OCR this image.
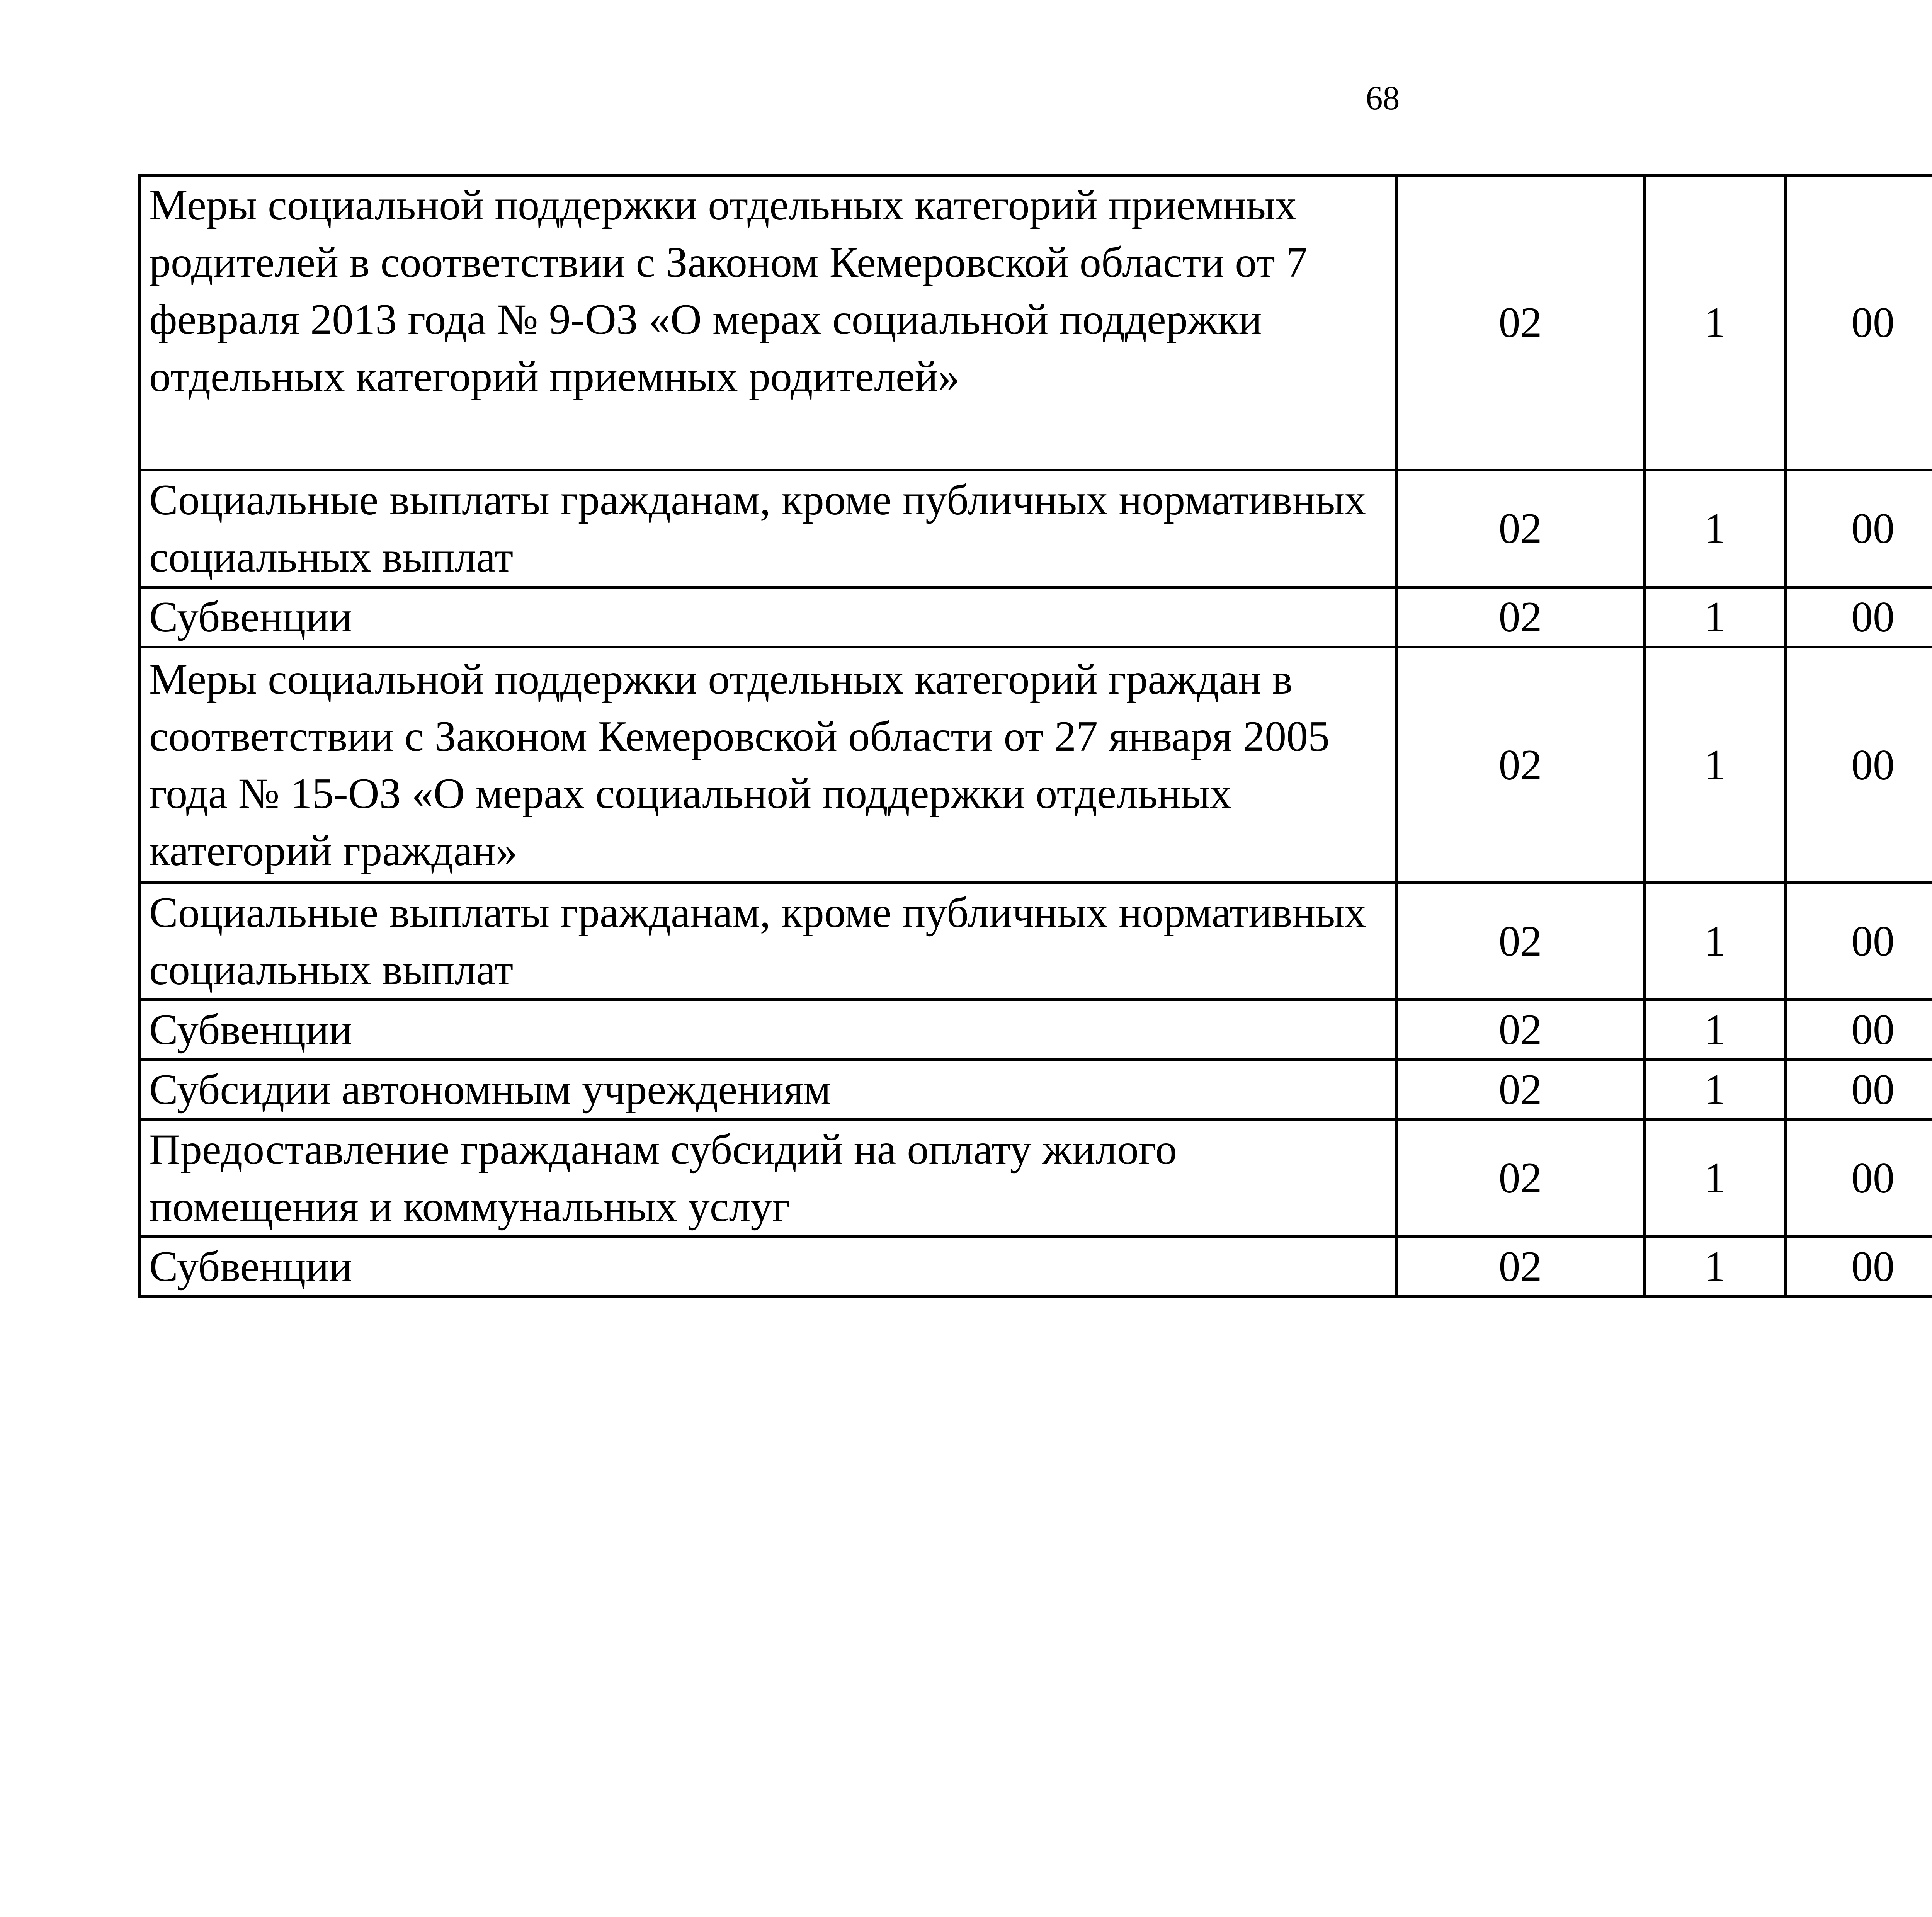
68
Меры социальной поддержки отдельных категорий приемных родителей в соответствии с Законом Кемеровской области от 7 февраля 2013 года № 9-ОЗ «О мерах социальной поддержки отдельных категорий приемных родителей»	02	1	00			
Социальные выплаты гражданам, кроме публичных нормативных социальных выплат	02	1	00			
Субвенции	02	1	00			
Меры социальной поддержки отдельных категорий граждан в соответствии с Законом Кемеровской области от 27 января 2005 года № 15-ОЗ «О мерах социальной поддержки отдельных категорий граждан»	02	1	00			
Социальные выплаты гражданам, кроме публичных нормативных социальных выплат	02	1	00			
Субвенции	02	1	00			
Субсидии автономным учреждениям	02	1	00			
Предоставление гражданам субсидий на оплату жилого помещения и коммунальных услуг	02	1	00			
Субвенции	02	1	00			
